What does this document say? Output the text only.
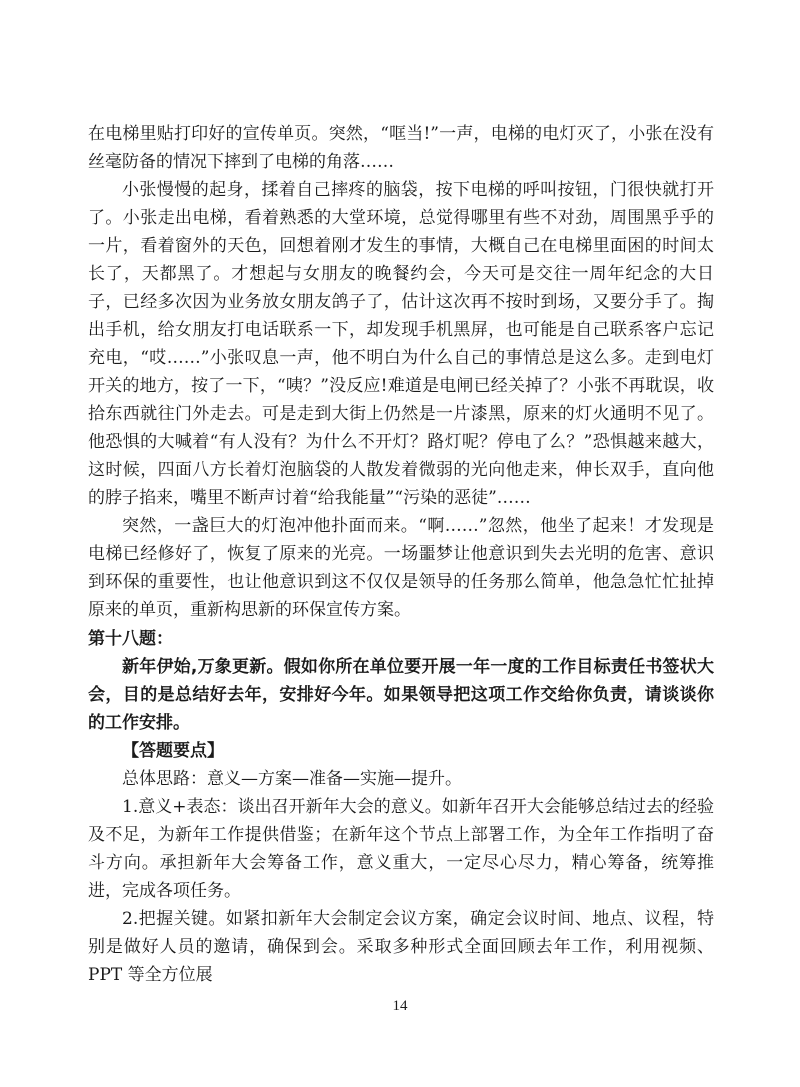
在电梯里贴打印好的宣传单页。突然，“哐当!”一声，电梯的电灯灭了，小张在没有丝毫防备的情况下摔到了电梯的角落……

小张慢慢的起身，揉着自己摔疼的脑袋，按下电梯的呼叫按钮，门很快就打开了。小张走出电梯，看着熟悉的大堂环境，总觉得哪里有些不对劲，周围黑乎乎的一片，看着窗外的天色，回想着刚才发生的事情，大概自己在电梯里面困的时间太长了，天都黑了。才想起与女朋友的晚餐约会，今天可是交往一周年纪念的大日子，已经多次因为业务放女朋友鸽子了，估计这次再不按时到场，又要分手了。掏出手机，给女朋友打电话联系一下，却发现手机黑屏，也可能是自己联系客户忘记充电，“哎……”小张叹息一声，他不明白为什么自己的事情总是这么多。走到电灯开关的地方，按了一下，“咦？”没反应!难道是电闸已经关掉了？小张不再耽误，收拾东西就往门外走去。可是走到大街上仍然是一片漆黑，原来的灯火通明不见了。他恐惧的大喊着“有人没有？为什么不开灯？路灯呢？停电了么？”恐惧越来越大，这时候，四面八方长着灯泡脑袋的人散发着微弱的光向他走来，伸长双手，直向他的脖子掐来，嘴里不断声讨着“给我能量”“污染的恶徒”……

突然，一盏巨大的灯泡冲他扑面而来。“啊……”忽然，他坐了起来！才发现是电梯已经修好了，恢复了原来的光亮。一场噩梦让他意识到失去光明的危害、意识到环保的重要性，也让他意识到这不仅仅是领导的任务那么简单，他急急忙忙扯掉原来的单页，重新构思新的环保宣传方案。

第十八题：

新年伊始,万象更新。假如你所在单位要开展一年一度的工作目标责任书签状大会，目的是总结好去年，安排好今年。如果领导把这项工作交给你负责，请谈谈你的工作安排。

【答题要点】

总体思路：意义—方案—准备—实施—提升。

1.意义+表态：谈出召开新年大会的意义。如新年召开大会能够总结过去的经验及不足，为新年工作提供借鉴；在新年这个节点上部署工作，为全年工作指明了奋斗方向。承担新年大会筹备工作，意义重大，一定尽心尽力，精心筹备，统筹推进，完成各项任务。

2.把握关键。如紧扣新年大会制定会议方案，确定会议时间、地点、议程，特别是做好人员的邀请，确保到会。采取多种形式全面回顾去年工作，利用视频、PPT 等全方位展

14
